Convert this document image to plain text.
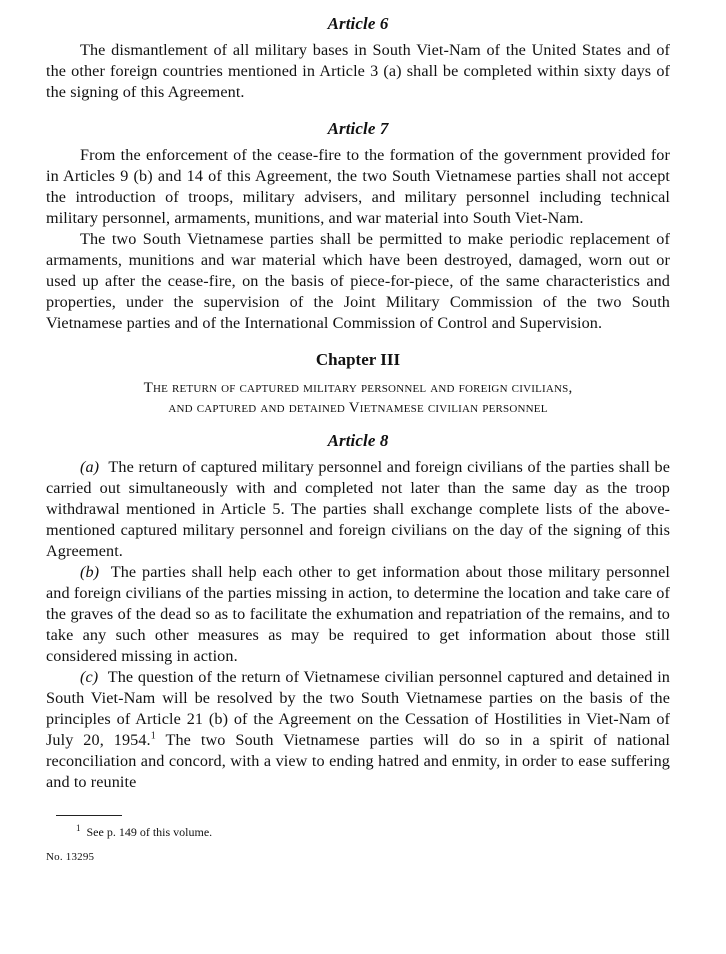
Article 6

The dismantlement of all military bases in South Viet-Nam of the United States and of the other foreign countries mentioned in Article 3 (a) shall be completed within sixty days of the signing of this Agreement.

Article 7

From the enforcement of the cease-fire to the formation of the government provided for in Articles 9 (b) and 14 of this Agreement, the two South Vietnamese parties shall not accept the introduction of troops, military advisers, and military personnel including technical military personnel, armaments, munitions, and war material into South Viet-Nam.

The two South Vietnamese parties shall be permitted to make periodic replacement of armaments, munitions and war material which have been destroyed, damaged, worn out or used up after the cease-fire, on the basis of piece-for-piece, of the same characteristics and properties, under the supervision of the Joint Military Commission of the two South Vietnamese parties and of the International Commission of Control and Supervision.

Chapter III

The return of captured military personnel and foreign civilians,

and captured and detained Vietnamese civilian personnel

Article 8

(a) The return of captured military personnel and foreign civilians of the parties shall be carried out simultaneously with and completed not later than the same day as the troop withdrawal mentioned in Article 5. The parties shall exchange complete lists of the above-mentioned captured military personnel and foreign civilians on the day of the signing of this Agreement.

(b) The parties shall help each other to get information about those military personnel and foreign civilians of the parties missing in action, to determine the location and take care of the graves of the dead so as to facilitate the exhumation and repatriation of the remains, and to take any such other measures as may be required to get information about those still considered missing in action.

(c) The question of the return of Vietnamese civilian personnel captured and detained in South Viet-Nam will be resolved by the two South Vietnamese parties on the basis of the principles of Article 21 (b) of the Agreement on the Cessation of Hostilities in Viet-Nam of July 20, 1954.$^1$ The two South Vietnamese parties will do so in a spirit of national reconciliation and concord, with a view to ending hatred and enmity, in order to ease suffering and to reunite

$^1$ See p. 149 of this volume.

No. 13295
